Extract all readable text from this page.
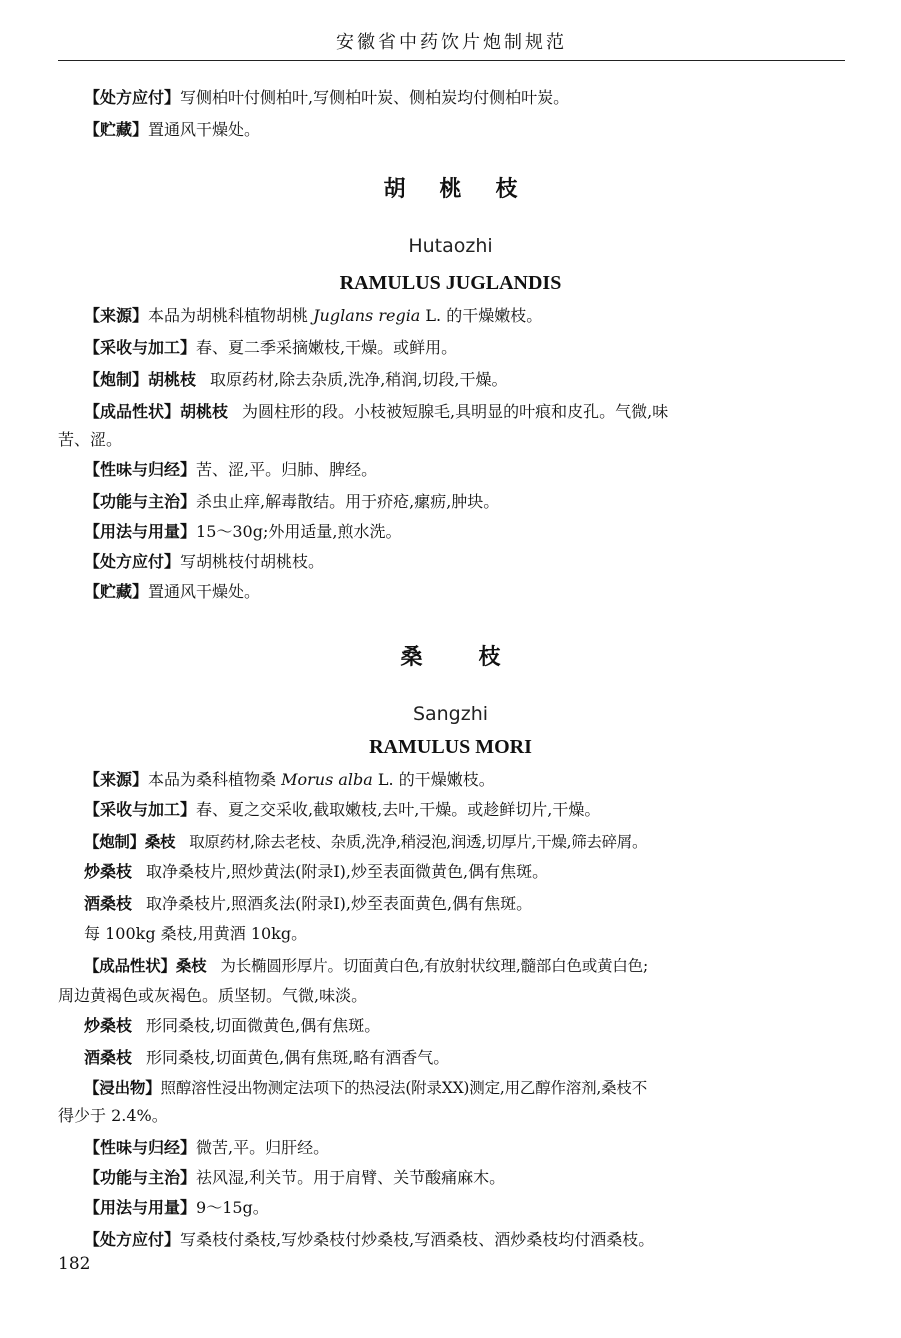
安徽省中药饮片炮制规范
【处方应付】写侧柏叶付侧柏叶,写侧柏叶炭、侧柏炭均付侧柏叶炭。
【贮藏】置通风干燥处。
胡桃枝
Hutaozhi
RAMULUS JUGLANDIS
【来源】本品为胡桃科植物胡桃 Juglans regia L. 的干燥嫩枝。
【采收与加工】春、夏二季采摘嫩枝,干燥。或鲜用。
【炮制】胡桃枝 取原药材,除去杂质,洗净,稍润,切段,干燥。
【成品性状】胡桃枝 为圆柱形的段。小枝被短腺毛,具明显的叶痕和皮孔。气微,味
苦、涩。
【性味与归经】苦、涩,平。归肺、脾经。
【功能与主治】杀虫止痒,解毒散结。用于疥疮,瘰疬,肿块。
【用法与用量】15～30g;外用适量,煎水洗。
【处方应付】写胡桃枝付胡桃枝。
【贮藏】置通风干燥处。
桑枝
Sangzhi
RAMULUS MORI
【来源】本品为桑科植物桑 Morus alba L. 的干燥嫩枝。
【采收与加工】春、夏之交采收,截取嫩枝,去叶,干燥。或趁鲜切片,干燥。
【炮制】桑枝 取原药材,除去老枝、杂质,洗净,稍浸泡,润透,切厚片,干燥,筛去碎屑。
炒桑枝 取净桑枝片,照炒黄法(附录Ⅰ),炒至表面微黄色,偶有焦斑。
酒桑枝 取净桑枝片,照酒炙法(附录Ⅰ),炒至表面黄色,偶有焦斑。
每 100kg 桑枝,用黄酒 10kg。
【成品性状】桑枝 为长椭圆形厚片。切面黄白色,有放射状纹理,髓部白色或黄白色;
周边黄褐色或灰褐色。质坚韧。气微,味淡。
炒桑枝 形同桑枝,切面微黄色,偶有焦斑。
酒桑枝 形同桑枝,切面黄色,偶有焦斑,略有酒香气。
【浸出物】照醇溶性浸出物测定法项下的热浸法(附录ⅩⅩ)测定,用乙醇作溶剂,桑枝不
得少于 2.4%。
【性味与归经】微苦,平。归肝经。
【功能与主治】祛风湿,利关节。用于肩臂、关节酸痛麻木。
【用法与用量】9～15g。
【处方应付】写桑枝付桑枝,写炒桑枝付炒桑枝,写酒桑枝、酒炒桑枝均付酒桑枝。
182
